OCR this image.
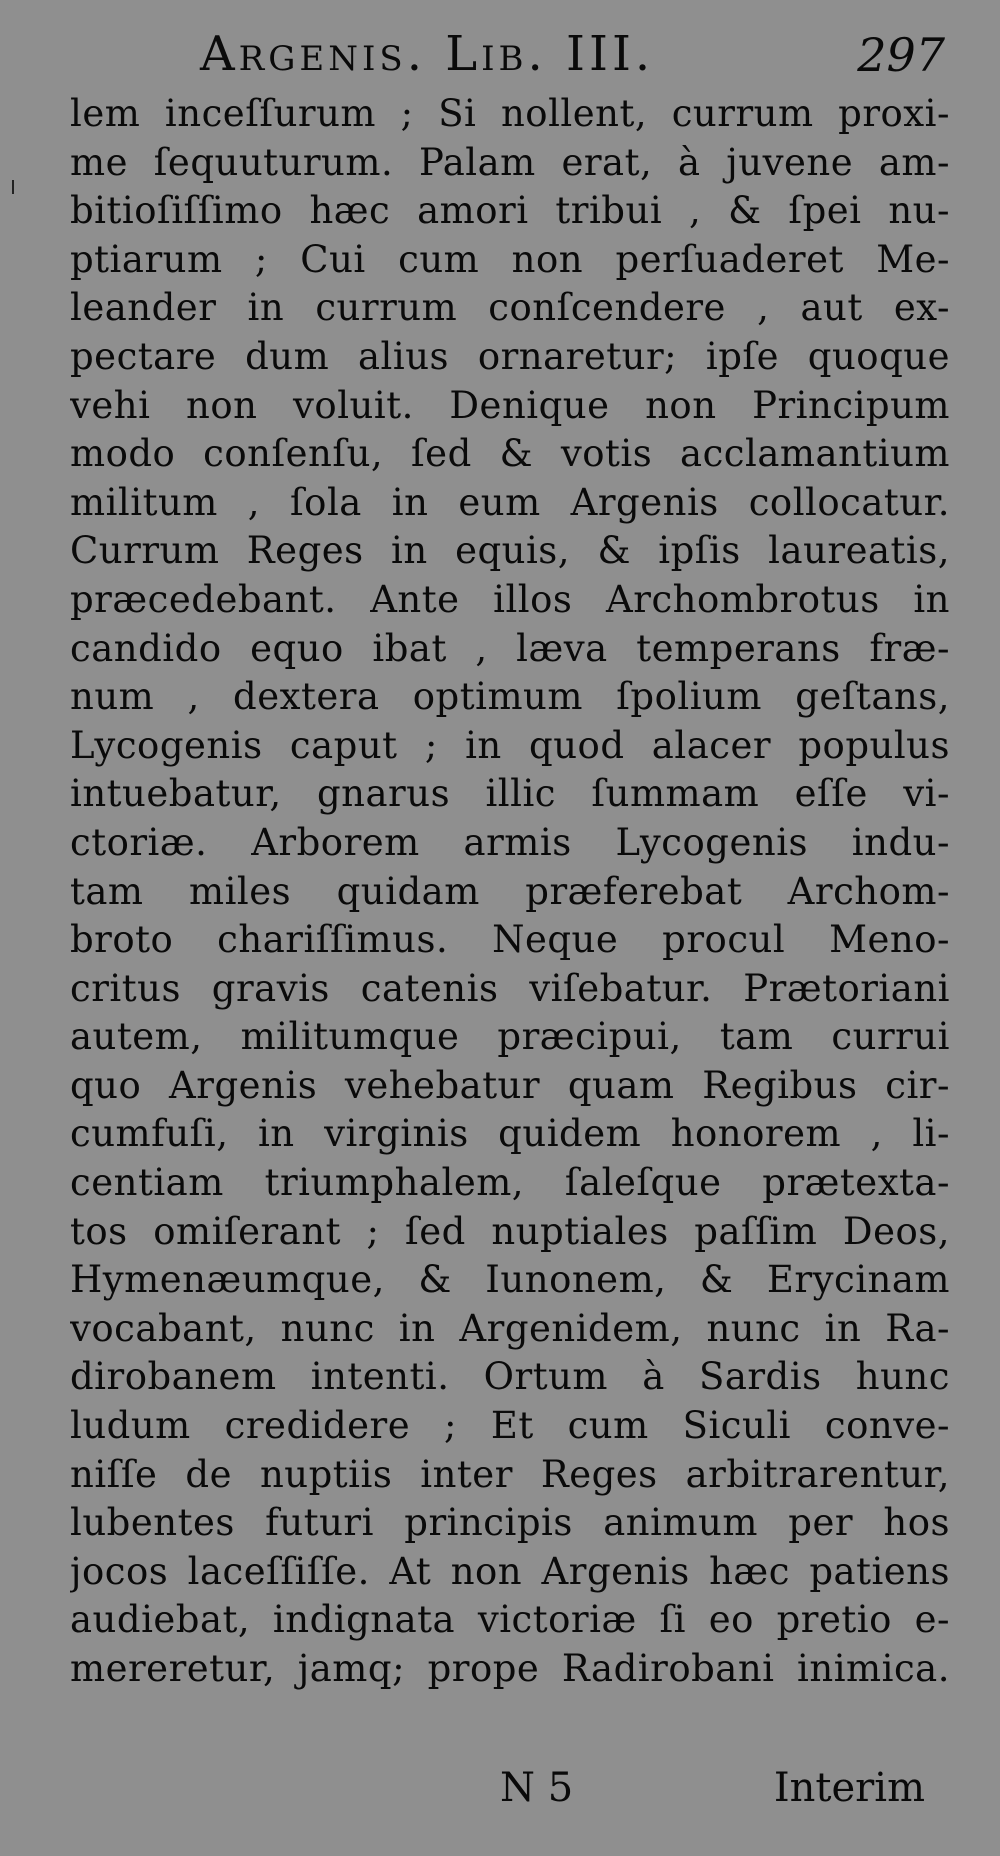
Argenis. Lib. III.	297
lem inceſſurum ; Si nollent, currum proxi-
me ſequuturum. Palam erat, à juvene am-
bitioſiſſimo hæc amori tribui , & ſpei nu-
ptiarum ; Cui cum non perſuaderet Me-
leander in currum conſcendere , aut ex-
pectare dum alius ornaretur; ipſe quoque
vehi non voluit. Denique non Principum
modo conſenſu, ſed & votis acclamantium
militum , ſola in eum Argenis collocatur.
Currum Reges in equis, & ipſis laureatis,
præcedebant. Ante illos Archombrotus in
candido equo ibat , læva temperans fræ-
num , dextera optimum ſpolium geſtans,
Lycogenis caput ; in quod alacer populus
intuebatur, gnarus illic ſummam eſſe vi-
ctoriæ. Arborem armis Lycogenis indu-
tam miles quidam præferebat Archom-
broto chariſſimus. Neque procul Meno-
critus gravis catenis viſebatur. Prætoriani
autem, militumque præcipui, tam currui
quo Argenis vehebatur quam Regibus cir-
cumfuſi, in virginis quidem honorem , li-
centiam triumphalem, ſaleſque prætexta-
tos omiſerant ; ſed nuptiales paſſim Deos,
Hymenæumque, & Iunonem, & Erycinam
vocabant, nunc in Argenidem, nunc in Ra-
dirobanem intenti. Ortum à Sardis hunc
ludum credidere ; Et cum Siculi conve-
niſſe de nuptiis inter Reges arbitrarentur,
lubentes futuri principis animum per hos
jocos laceſſiſſe. At non Argenis hæc patiens
audiebat, indignata victoriæ ſi eo pretio e-
mereretur, jamq; prope Radirobani inimica.
N 5	Interim
